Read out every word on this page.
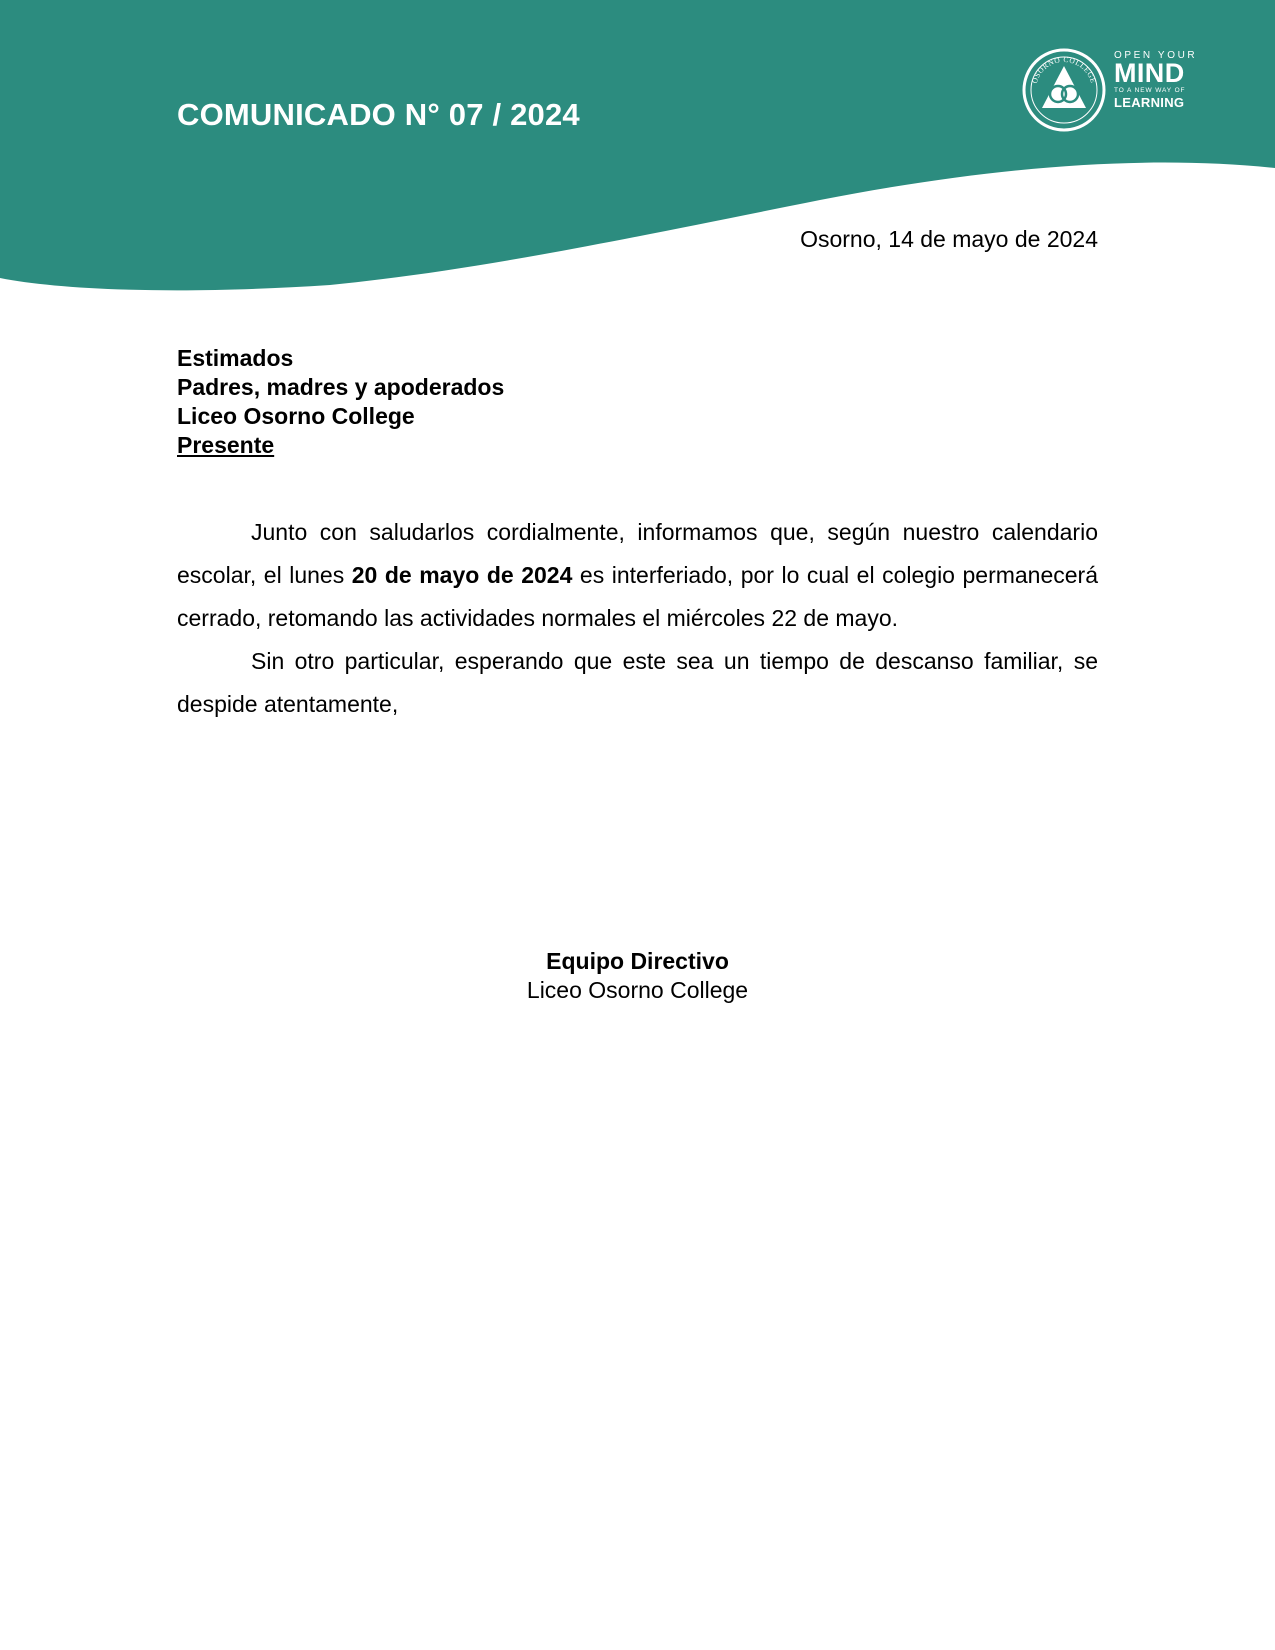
COMUNICADO N° 07 / 2024
OSORNO COLLEGE
OPEN YOUR
MIND
TO A NEW WAY OF
LEARNING

Osorno, 14 de mayo de 2024

Estimados
Padres, madres y apoderados
Liceo Osorno College
Presente

Junto con saludarlos cordialmente, informamos que, según nuestro calendario escolar, el lunes 20 de mayo de 2024 es interferiado, por lo cual el colegio permanecerá cerrado, retomando las actividades normales el miércoles 22 de mayo.

Sin otro particular, esperando que este sea un tiempo de descanso familiar, se despide atentamente,

Equipo Directivo
Liceo Osorno College
